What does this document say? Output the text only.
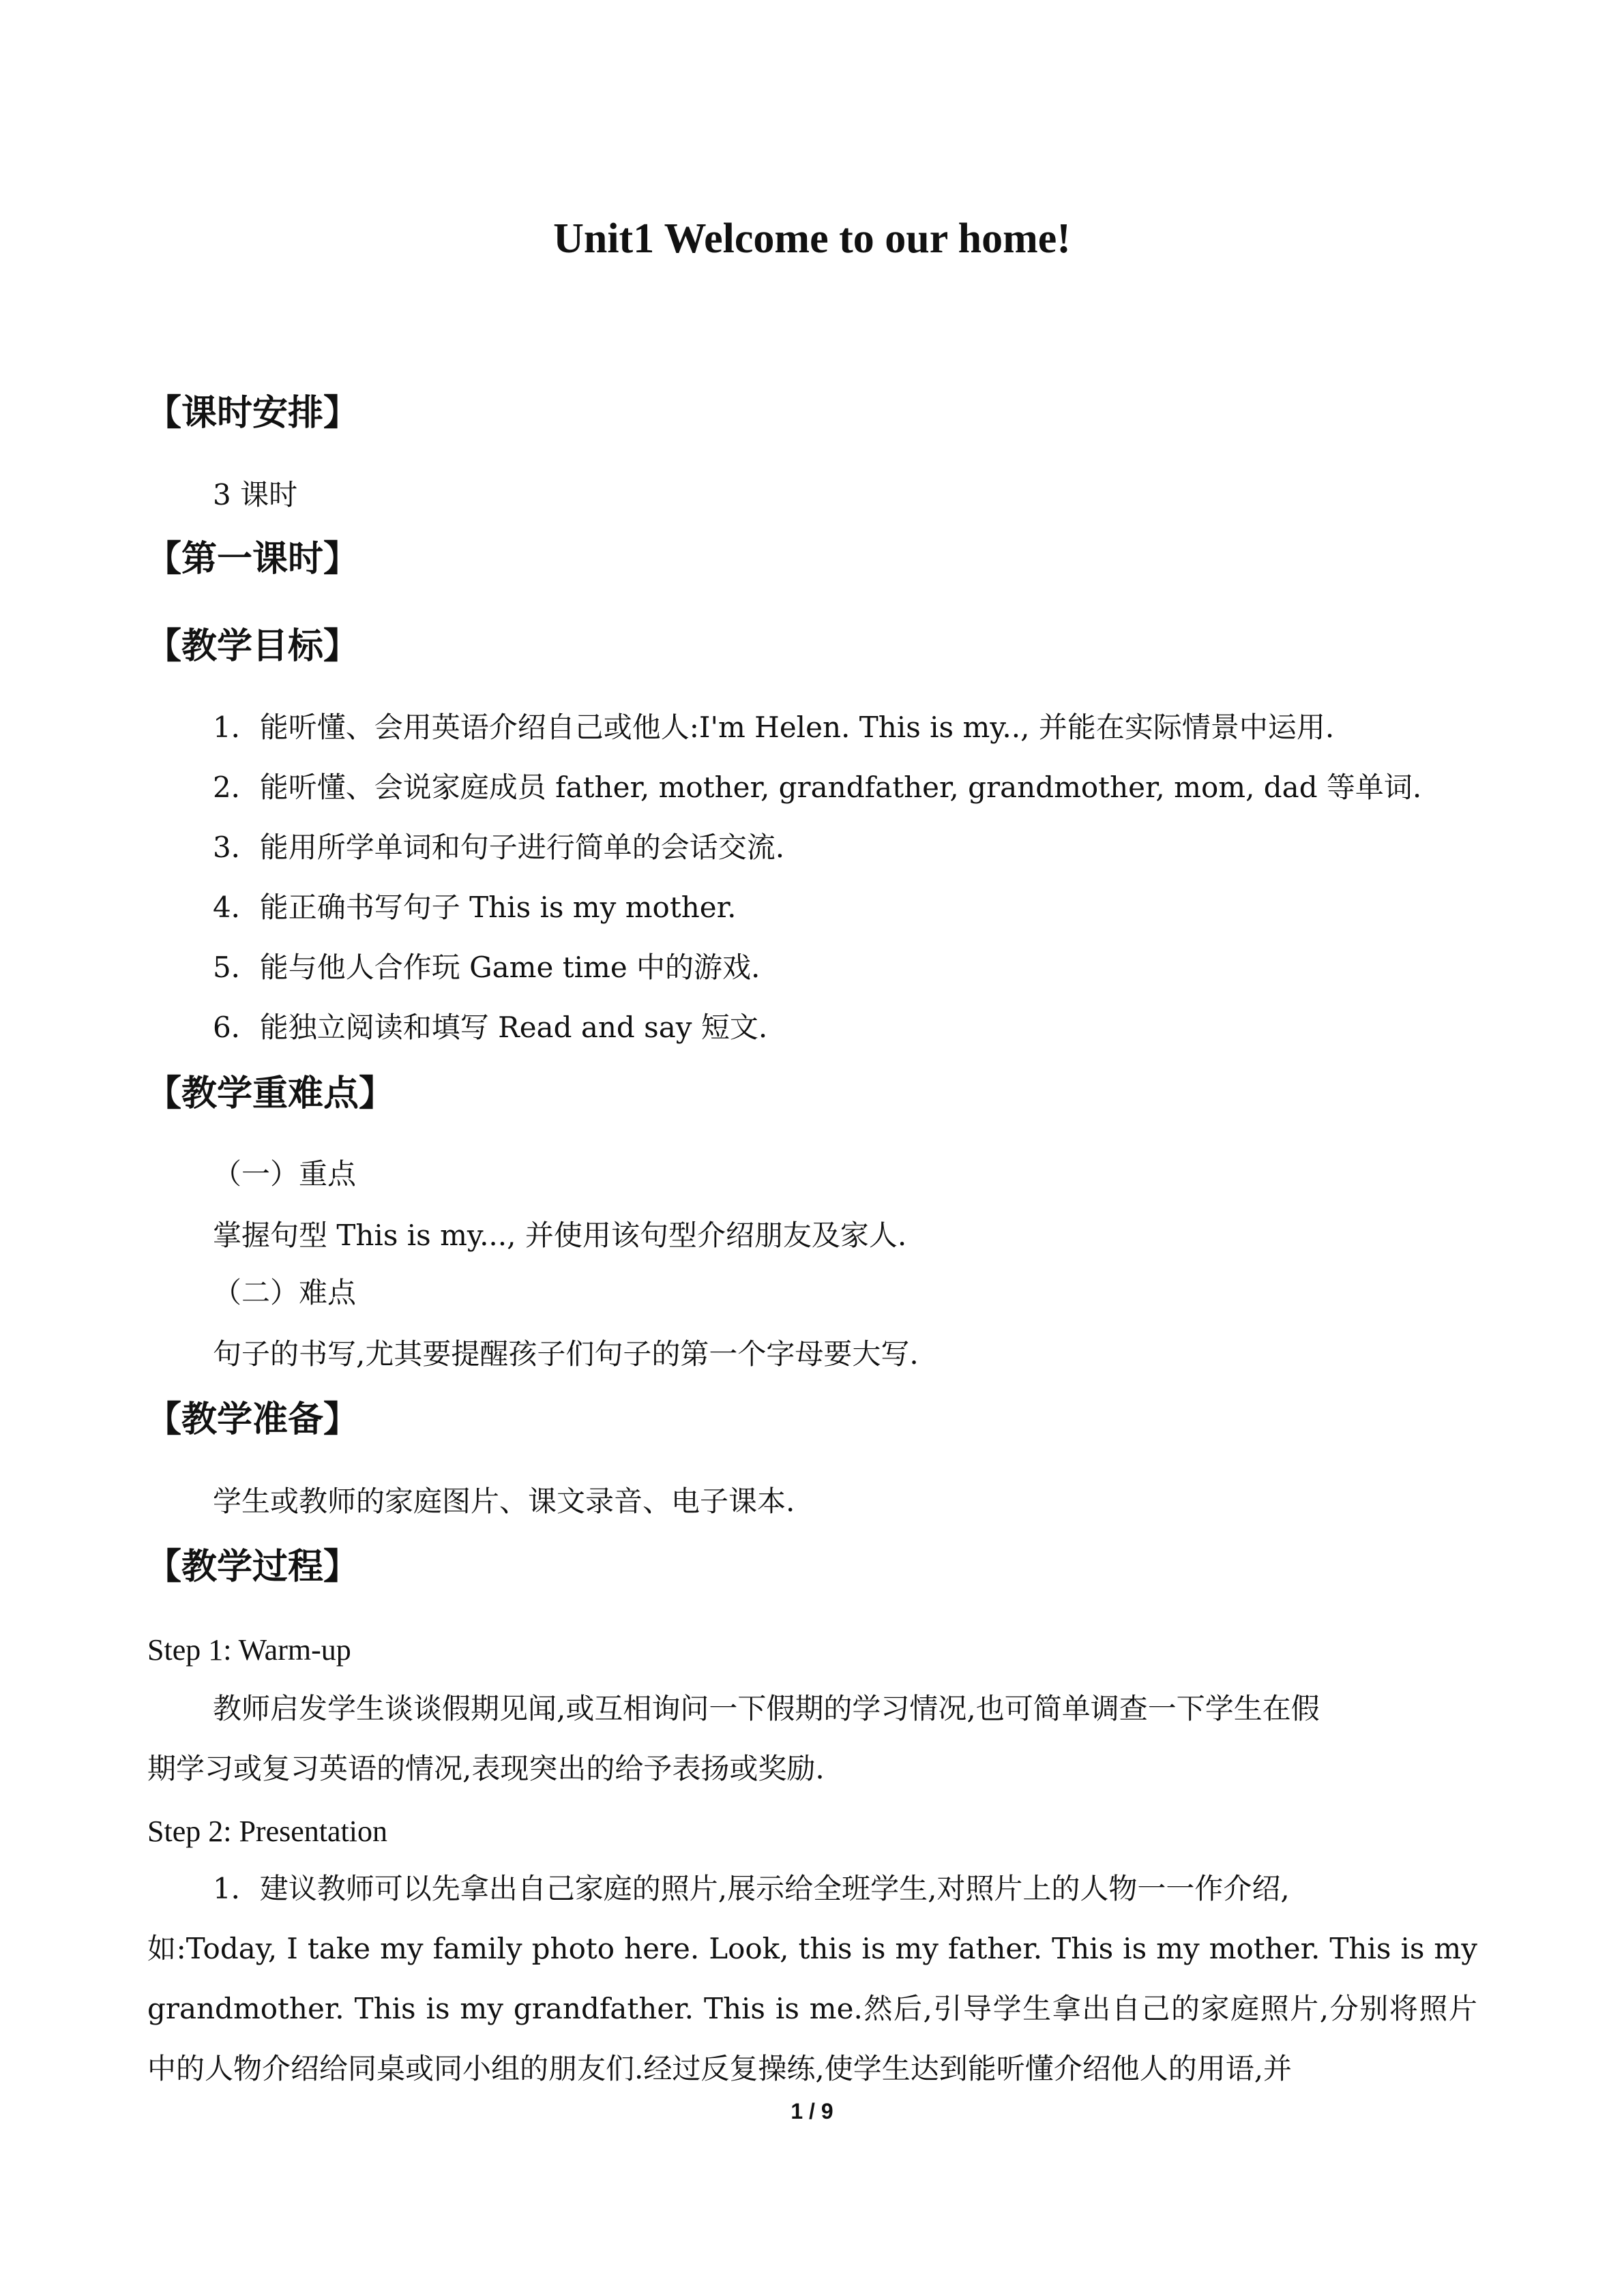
Unit1 Welcome to our home!
【课时安排】
3 课时
【第一课时】
【教学目标】
1．能听懂、会用英语介绍自己或他人:I'm Helen. This is my.., 并能在实际情景中运用.
2．能听懂、会说家庭成员 father, mother, grandfather, grandmother, mom, dad 等单词.
3．能用所学单词和句子进行简单的会话交流.
4．能正确书写句子 This is my mother.
5．能与他人合作玩 Game time 中的游戏.
6．能独立阅读和填写 Read and say 短文.
【教学重难点】
（一）重点
掌握句型 This is my..., 并使用该句型介绍朋友及家人.
（二）难点
句子的书写,尤其要提醒孩子们句子的第一个字母要大写.
【教学准备】
学生或教师的家庭图片、课文录音、电子课本.
【教学过程】
Step 1: Warm-up
教师启发学生谈谈假期见闻,或互相询问一下假期的学习情况,也可简单调查一下学生在假
期学习或复习英语的情况,表现突出的给予表扬或奖励.
Step 2: Presentation
1．建议教师可以先拿出自己家庭的照片,展示给全班学生,对照片上的人物一一作介绍,
如:Today, I take my family photo here. Look, this is my father. This is my mother. This is my
grandmother. This is my grandfather. This is me.然后,引导学生拿出自己的家庭照片,分别将照片
中的人物介绍给同桌或同小组的朋友们.经过反复操练,使学生达到能听懂介绍他人的用语,并
1 / 9
